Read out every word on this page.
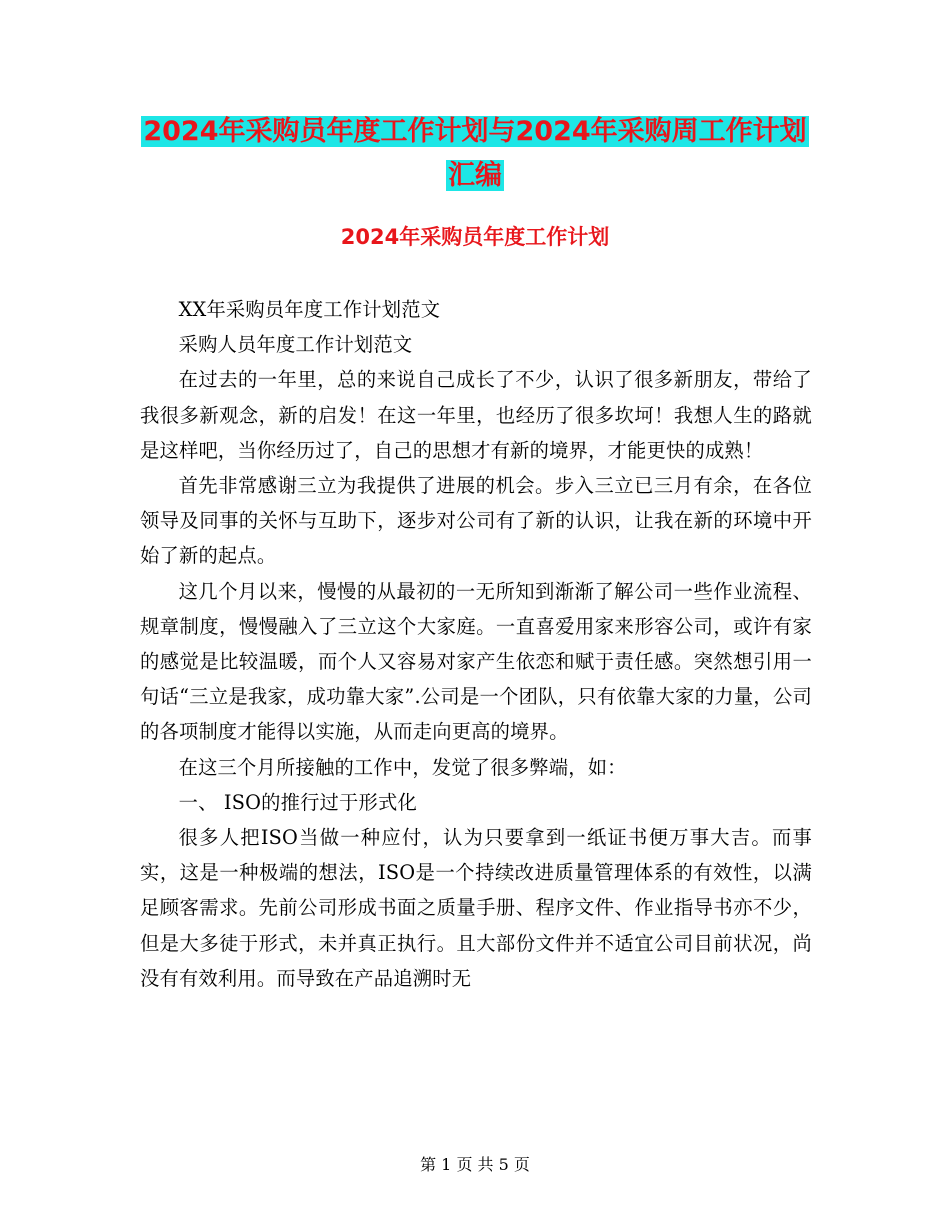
2024年采购员年度工作计划与2024年采购周工作计划
汇编
2024年采购员年度工作计划

XX年采购员年度工作计划范文

采购人员年度工作计划范文

在过去的一年里，总的来说自己成长了不少，认识了很多新朋友，带给了我很多新观念，新的启发！在这一年里，也经历了很多坎坷！我想人生的路就是这样吧，当你经历过了，自己的思想才有新的境界，才能更快的成熟！

首先非常感谢三立为我提供了进展的机会。步入三立已三月有余，在各位领导及同事的关怀与互助下，逐步对公司有了新的认识，让我在新的环境中开始了新的起点。

这几个月以来，慢慢的从最初的一无所知到渐渐了解公司一些作业流程、规章制度，慢慢融入了三立这个大家庭。一直喜爱用家来形容公司，或许有家的感觉是比较温暖，而个人又容易对家产生依恋和赋于责任感。突然想引用一句话“三立是我家，成功靠大家”.公司是一个团队，只有依靠大家的力量，公司的各项制度才能得以实施，从而走向更高的境界。

在这三个月所接触的工作中，发觉了很多弊端，如：

一、 ISO的推行过于形式化

很多人把ISO当做一种应付，认为只要拿到一纸证书便万事大吉。而事实，这是一种极端的想法，ISO是一个持续改进质量管理体系的有效性，以满足顾客需求。先前公司形成书面之质量手册、程序文件、作业指导书亦不少，但是大多徒于形式，未并真正执行。且大部份文件并不适宜公司目前状况，尚没有有效利用。而导致在产品追溯时无

第 1 页 共 5 页
